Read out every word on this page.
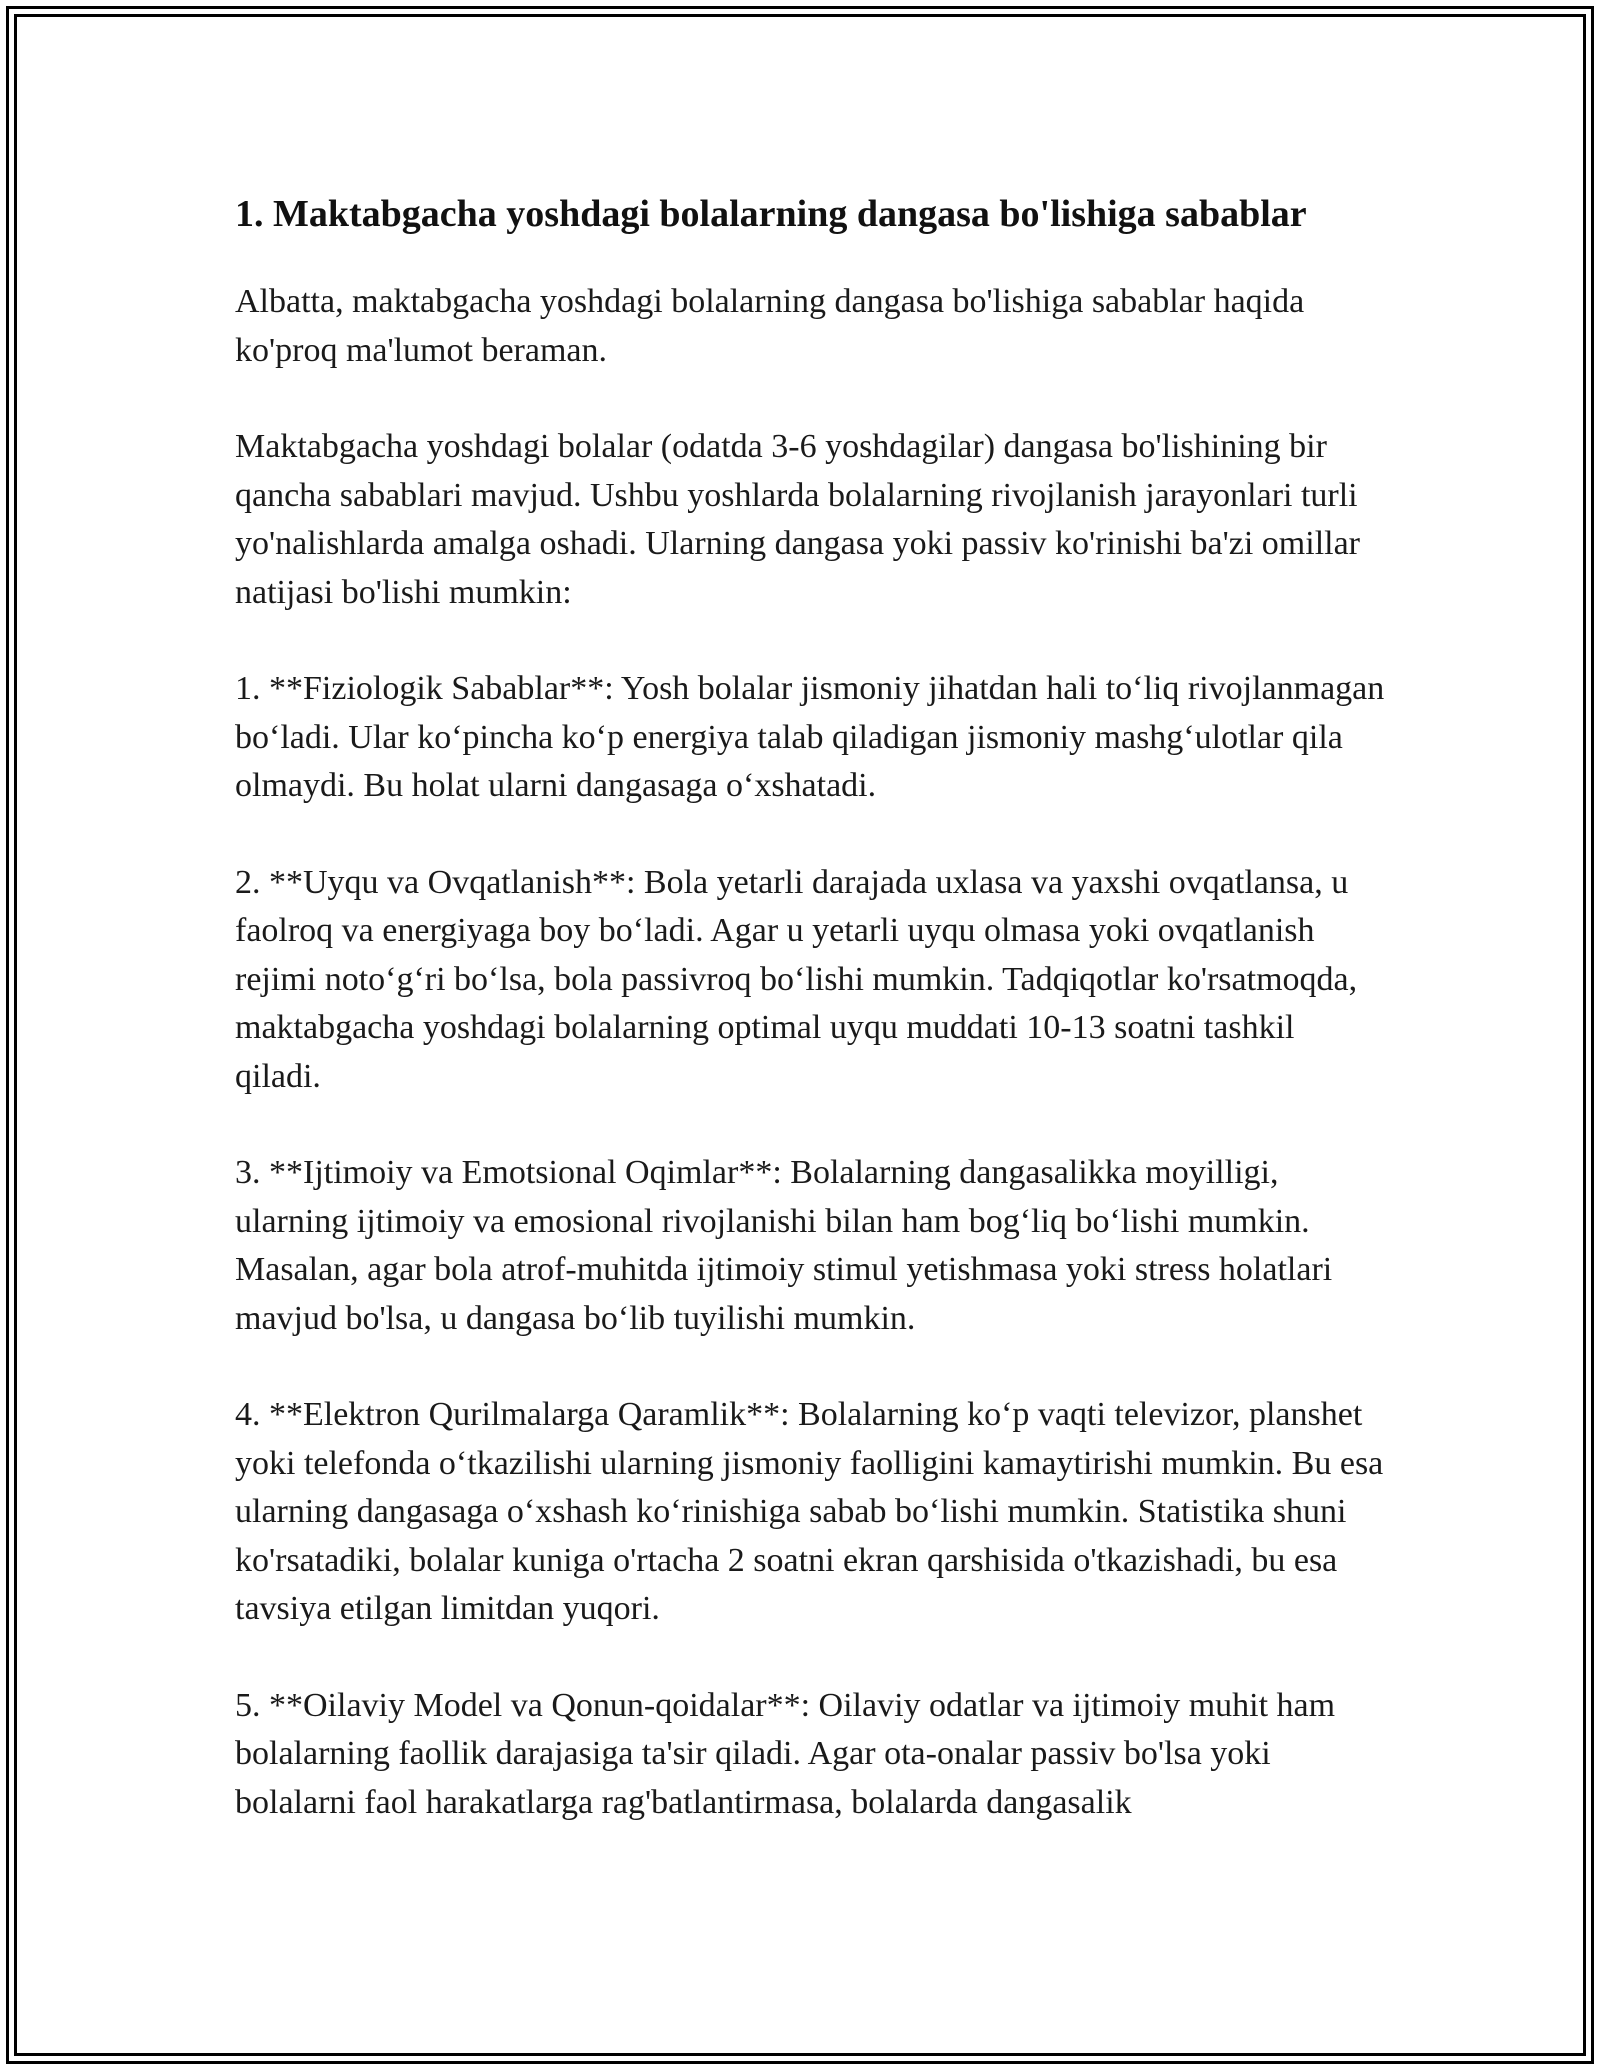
1. Maktabgacha yoshdagi bolalarning dangasa bo'lishiga sabablar

Albatta, maktabgacha yoshdagi bolalarning dangasa bo'lishiga sabablar haqida ko'proq ma'lumot beraman.

Maktabgacha yoshdagi bolalar (odatda 3-6 yoshdagilar) dangasa bo'lishining bir qancha sabablari mavjud. Ushbu yoshlarda bolalarning rivojlanish jarayonlari turli yo'nalishlarda amalga oshadi. Ularning dangasa yoki passiv ko'rinishi ba'zi omillar natijasi bo'lishi mumkin:

1. **Fiziologik Sabablar**: Yosh bolalar jismoniy jihatdan hali to‘liq rivojlanmagan bo‘ladi. Ular ko‘pincha ko‘p energiya talab qiladigan jismoniy mashg‘ulotlar qila olmaydi. Bu holat ularni dangasaga o‘xshatadi.

2. **Uyqu va Ovqatlanish**: Bola yetarli darajada uxlasa va yaxshi ovqatlansa, u faolroq va energiyaga boy bo‘ladi. Agar u yetarli uyqu olmasa yoki ovqatlanish rejimi noto‘g‘ri bo‘lsa, bola passivroq bo‘lishi mumkin. Tadqiqotlar ko'rsatmoqda, maktabgacha yoshdagi bolalarning optimal uyqu muddati 10-13 soatni tashkil qiladi.

3. **Ijtimoiy va Emotsional Oqimlar**: Bolalarning dangasalikka moyilligi, ularning ijtimoiy va emosional rivojlanishi bilan ham bog‘liq bo‘lishi mumkin. Masalan, agar bola atrof-muhitda ijtimoiy stimul yetishmasa yoki stress holatlari mavjud bo'lsa, u dangasa bo‘lib tuyilishi mumkin.

4. **Elektron Qurilmalarga Qaramlik**: Bolalarning ko‘p vaqti televizor, planshet yoki telefonda o‘tkazilishi ularning jismoniy faolligini kamaytirishi mumkin. Bu esa ularning dangasaga o‘xshash ko‘rinishiga sabab bo‘lishi mumkin. Statistika shuni ko'rsatadiki, bolalar kuniga o'rtacha 2 soatni ekran qarshisida o'tkazishadi, bu esa tavsiya etilgan limitdan yuqori.

5. **Oilaviy Model va Qonun-qoidalar**: Oilaviy odatlar va ijtimoiy muhit ham bolalarning faollik darajasiga ta'sir qiladi. Agar ota-onalar passiv bo'lsa yoki bolalarni faol harakatlarga rag'batlantirmasa, bolalarda dangasalik
